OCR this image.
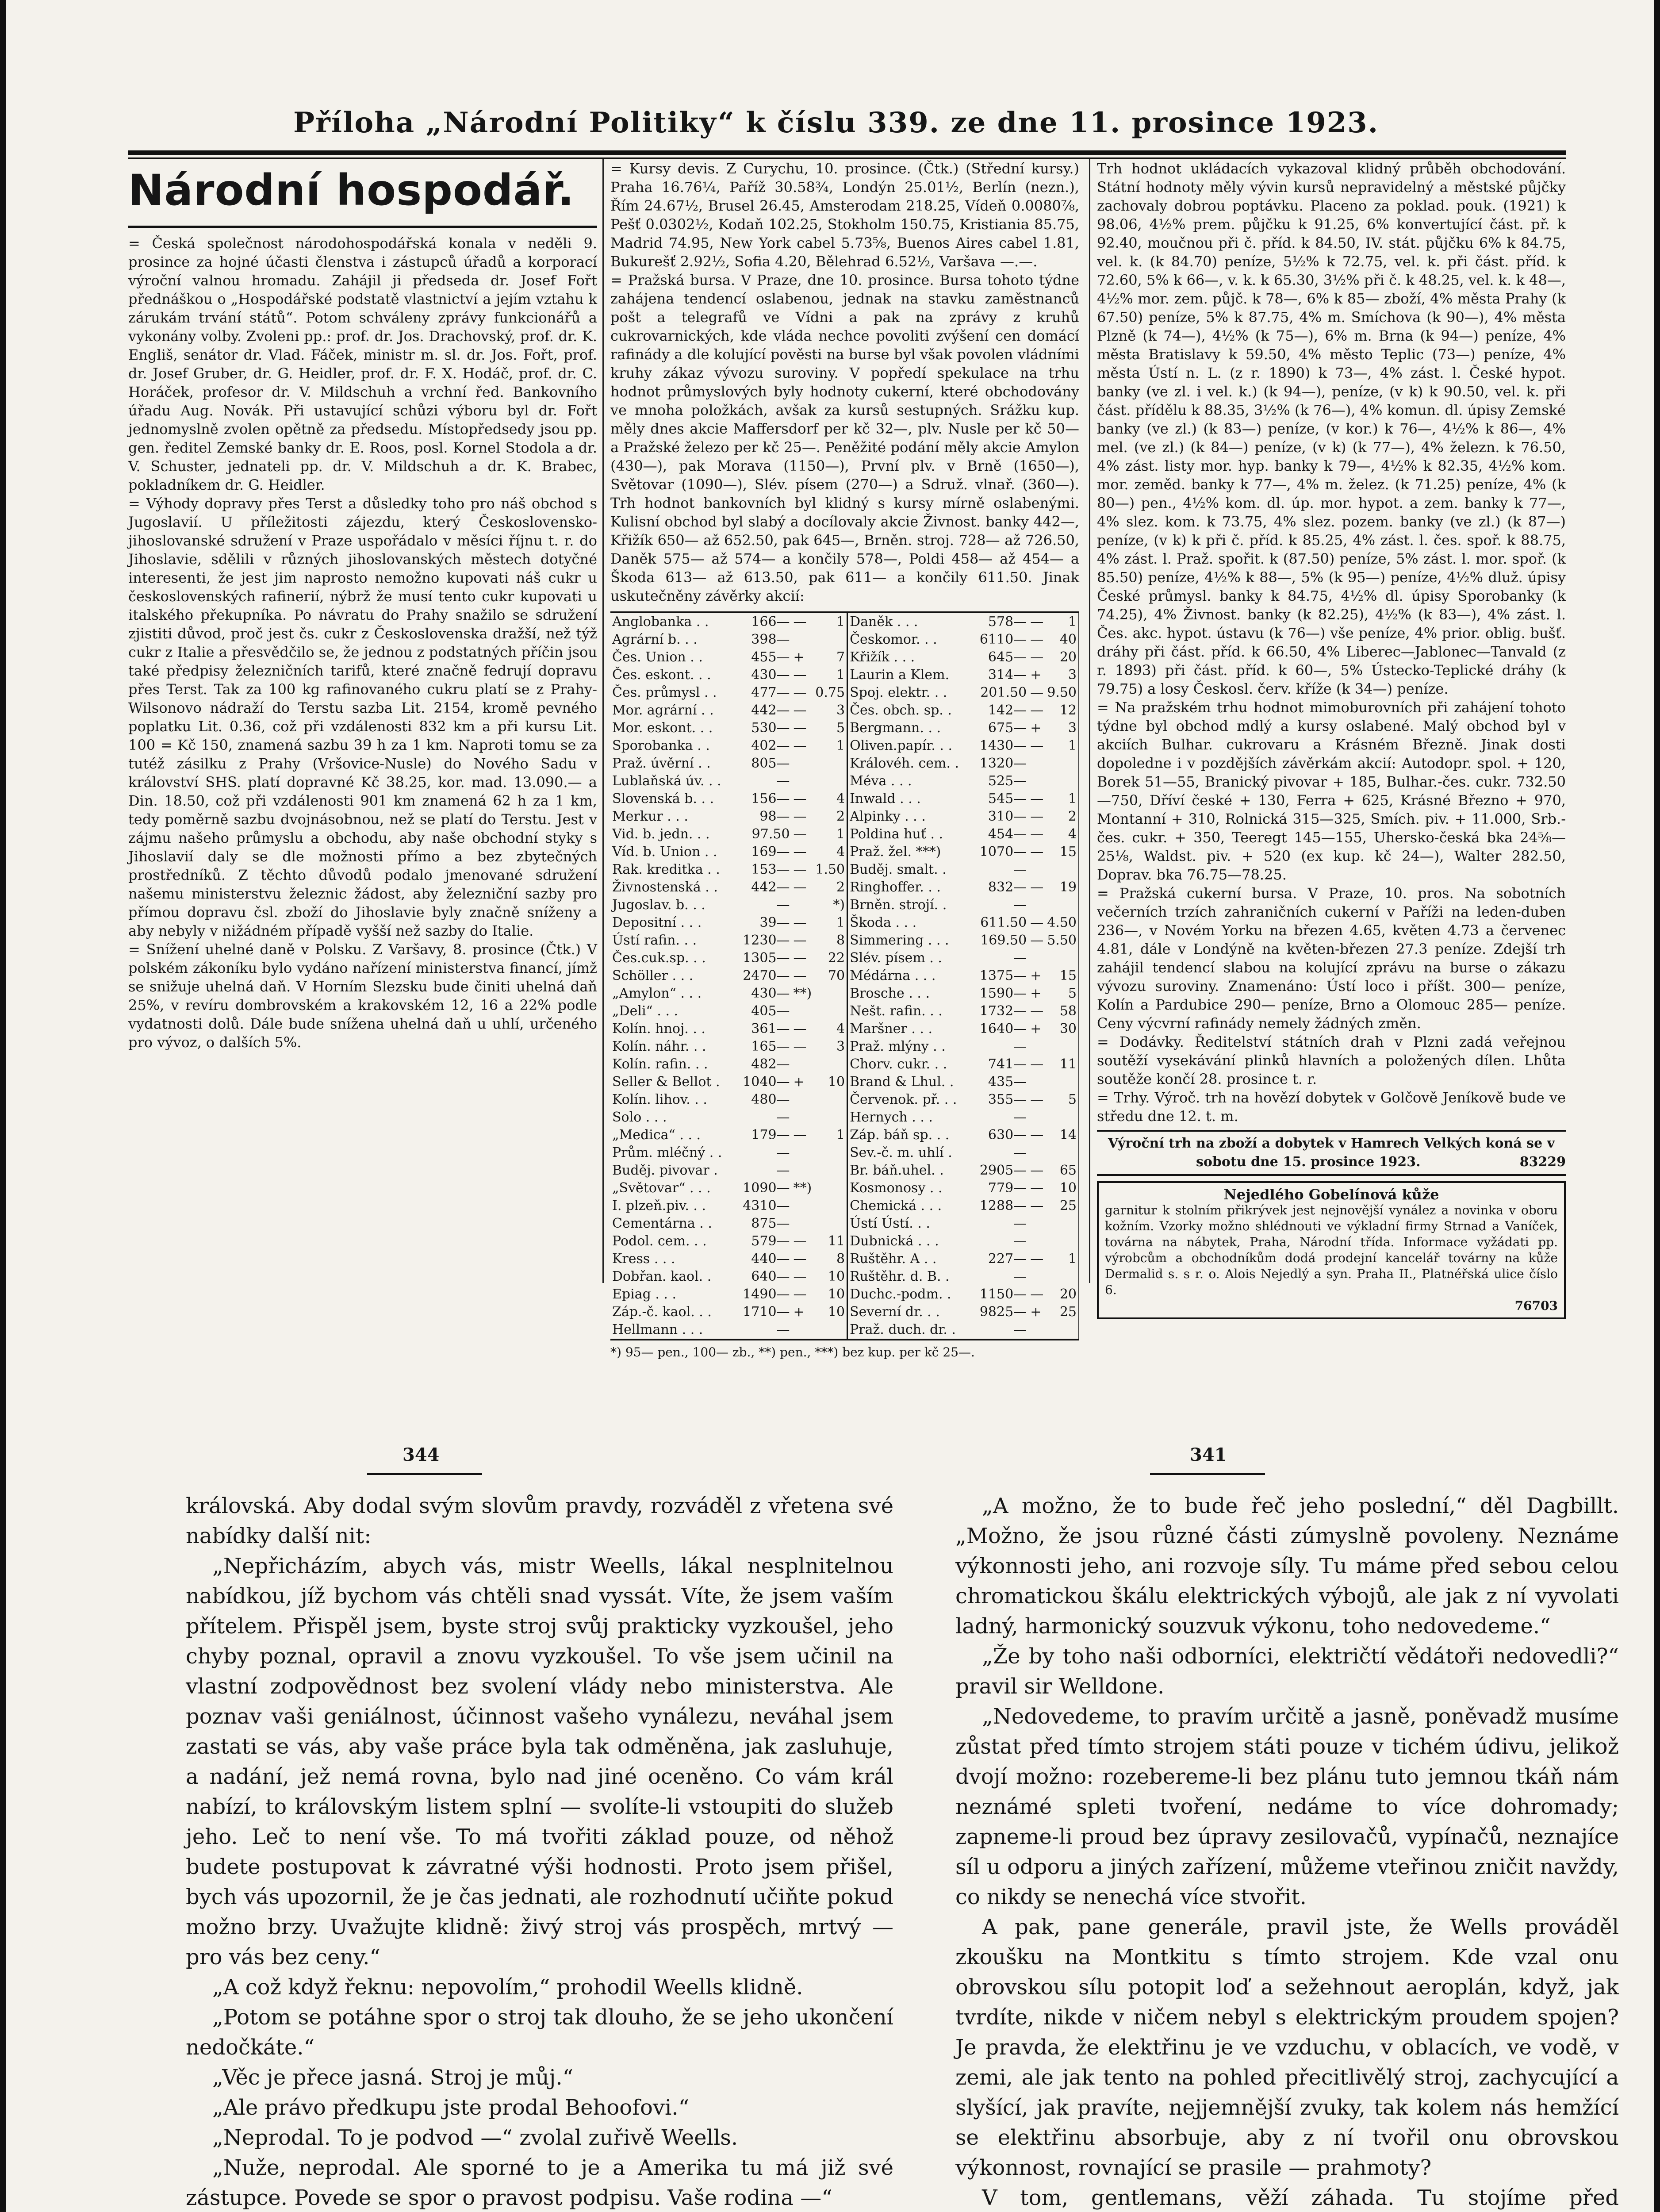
Příloha „Národní Politiky“ k číslu 339. ze dne 11. prosince 1923.
Národní hospodář.

= Česká společnost národohospodářská konala v neděli 9. prosince za hojné účasti členstva i zástupců úřadů a korporací výroční valnou hromadu. Zahájil ji předseda dr. Josef Fořt přednáškou o „Hospodářské podstatě vlastnictví a jejím vztahu k zárukám trvání států“. Potom schváleny zprávy funkcionářů a vykonány volby. Zvoleni pp.: prof. dr. Jos. Drachovský, prof. dr. K. Engliš, senátor dr. Vlad. Fáček, ministr m. sl. dr. Jos. Fořt, prof. dr. Josef Gruber, dr. G. Heidler, prof. dr. F. X. Hodáč, prof. dr. C. Horáček, profesor dr. V. Mildschuh a vrchní řed. Bankovního úřadu Aug. Novák. Při ustavující schůzi výboru byl dr. Fořt jednomyslně zvolen opětně za předsedu. Místopředsedy jsou pp. gen. ředitel Zemské banky dr. E. Roos, posl. Kornel Stodola a dr. V. Schuster, jednateli pp. dr. V. Mildschuh a dr. K. Brabec, pokladníkem dr. G. Heidler.

= Výhody dopravy přes Terst a důsledky toho pro náš obchod s Jugoslavií. U příležitosti zájezdu, který Československo-jihoslovanské sdružení v Praze uspořádalo v měsíci říjnu t. r. do Jihoslavie, sdělili v různých jihoslovanských městech dotyčné interesenti, že jest jim naprosto nemožno kupovati náš cukr u československých rafinerií, nýbrž že musí tento cukr kupovati u italského překupníka. Po návratu do Prahy snažilo se sdružení zjistiti důvod, proč jest čs. cukr z Československa dražší, než týž cukr z Italie a přesvědčilo se, že jednou z podstatných příčin jsou také předpisy železničních tarifů, které značně fedrují dopravu přes Terst. Tak za 100 kg rafinovaného cukru platí se z Prahy-Wilsonovo nádraží do Terstu sazba Lit. 2154, kromě pevného poplatku Lit. 0.36, což při vzdálenosti 832 km a při kursu Lit. 100 = Kč 150, znamená sazbu 39 h za 1 km. Naproti tomu se za tutéž zásilku z Prahy (Vršovice-Nusle) do Nového Sadu v království SHS. platí dopravné Kč 38.25, kor. mad. 13.090.— a Din. 18.50, což při vzdálenosti 901 km znamená 62 h za 1 km, tedy poměrně sazbu dvojnásobnou, než se platí do Terstu. Jest v zájmu našeho průmyslu a obchodu, aby naše obchodní styky s Jihoslavií daly se dle možnosti přímo a bez zbytečných prostředníků. Z těchto důvodů podalo jmenované sdružení našemu ministerstvu železnic žádost, aby železniční sazby pro přímou dopravu čsl. zboží do Jihoslavie byly značně sníženy a aby nebyly v nižádném případě vyšší než sazby do Italie.

= Snížení uhelné daně v Polsku. Z Varšavy, 8. prosince (Čtk.) V polském zákoníku bylo vydáno nařízení ministerstva financí, jímž se snižuje uhelná daň. V Horním Slezsku bude činiti uhelná daň 25%, v revíru dombrovském a krakovském 12, 16 a 22% podle vydatnosti dolů. Dále bude snížena uhelná daň u uhlí, určeného pro vývoz, o dalších 5%.

= Kursy devis. Z Curychu, 10. prosince. (Čtk.) (Střední kursy.) Praha 16.76¼, Paříž 30.58¾, Londýn 25.01½, Berlín (nezn.), Řím 24.67½, Brusel 26.45, Amsterodam 218.25, Vídeň 0.0080⅞, Pešť 0.0302½, Kodaň 102.25, Stokholm 150.75, Kristiania 85.75, Madrid 74.95, New York cabel 5.73⅝, Buenos Aires cabel 1.81, Bukurešť 2.92½, Sofia 4.20, Bělehrad 6.52½, Varšava —.—.

= Pražská bursa. V Praze, dne 10. prosince. Bursa tohoto týdne zahájena tendencí oslabenou, jednak na stavku zaměstnanců pošt a telegrafů ve Vídni a pak na zprávy z kruhů cukrovarnických, kde vláda nechce povoliti zvýšení cen domácí rafinády a dle kolující pověsti na burse byl však povolen vládními kruhy zákaz vývozu suroviny. V popředí spekulace na trhu hodnot průmyslových byly hodnoty cukerní, které obchodovány ve mnoha položkách, avšak za kursů sestupných. Srážku kup. měly dnes akcie Maffersdorf per kč 32—, plv. Nusle per kč 50— a Pražské železo per kč 25—. Peněžité podání měly akcie Amylon (430—), pak Morava (1150—), První plv. v Brně (1650—), Světovar (1090—), Slév. písem (270—) a Sdruž. vlnař. (360—). Trh hodnot bankovních byl klidný s kursy mírně oslabenými. Kulisní obchod byl slabý a docílovaly akcie Živnost. banky 442—, Křižík 650— až 652.50, pak 645—, Brněn. stroj. 728— až 726.50, Daněk 575— až 574— a končily 578—, Poldi 458— až 454— a Škoda 613— až 613.50, pak 611— a končily 611.50. Jinak uskutečněny závěrky akcií:

Anglobanka . .	166—	—	1	Daněk . . .	578—	—	1
Agrární b. . .	398—			Českomor. . .	6110—	—	40
Čes. Union . .	455—	+	7	Křižík . . .	645—	—	20
Čes. eskont. . .	430—	—	1	Laurin a Klem.	314—	+	3
Čes. průmysl . .	477—	—	0.75	Spoj. elektr. . .	201.50	—	9.50
Mor. agrární . .	442—	—	3	Čes. obch. sp. .	142—	—	12
Mor. eskont. . .	530—	—	5	Bergmann. . .	675—	+	3
Sporobanka . .	402—	—	1	Oliven.papír. . .	1430—	—	1
Praž. úvěrní . .	805—			Královéh. cem. .	1320—		
Lublaňská úv. . .	—			Méva . . .	525—		
Slovenská b. . .	156—	—	4	Inwald . . .	545—	—	1
Merkur . . .	98—	—	2	Alpinky . . .	310—	—	2
Vid. b. jedn. . .	97.50	—	1	Poldina huť . .	454—	—	4
Víd. b. Union . .	169—	—	4	Praž. žel. ***)	1070—	—	15
Rak. kreditka . .	153—	—	1.50	Buděj. smalt. .	—		
Živnostenská . .	442—	—	2	Ringhoffer. . .	832—	—	19
Jugoslav. b. . .	—		*)	Brněn. strojí. .	—		
Depositní . . .	39—	—	1	Škoda . . .	611.50	—	4.50
Ústí rafin. . .	1230—	—	8	Simmering . . .	169.50	—	5.50
Čes.cuk.sp. . .	1305—	—	22	Slév. písem . .	—		
Schöller . . .	2470—	—	70	Médárna . . .	1375—	+	15
„Amylon“ . . .	430—	**)		Brosche . . .	1590—	+	5
„Deli“ . . .	405—			Nešt. rafin. . .	1732—	—	58
Kolín. hnoj. . .	361—	—	4	Maršner . . .	1640—	+	30
Kolín. náhr. . .	165—	—	3	Praž. mlýny . .	—		
Kolín. rafin. . .	482—			Chorv. cukr. . .	741—	—	11
Seller & Bellot .	1040—	+	10	Brand & Lhul. .	435—		
Kolín. lihov. . .	480—			Červenok. př. . .	355—	—	5
Solo . . .	—			Hernych . . .	—		
„Medica“ . . .	179—	—	1	Záp. báň sp. . .	630—	—	14
Prům. mléčný . .	—			Sev.-č. m. uhlí .	—		
Buděj. pivovar .	—			Br. báň.uhel. .	2905—	—	65
„Světovar“ . . .	1090—	**)		Kosmonosy . .	779—	—	10
I. plzeň.piv. . .	4310—			Chemická . . .	1288—	—	25
Cementárna . .	875—			Ústí Ústí. . .	—		
Podol. cem. . .	579—	—	11	Dubnická . . .	—		
Kress . . .	440—	—	8	Ruštěhr. A . .	227—	—	1
Dobřan. kaol. .	640—	—	10	Ruštěhr. d. B. .	—		
Epiag . . .	1490—	—	10	Duchc.-podm. .	1150—	—	20
Záp.-č. kaol. . .	1710—	+	10	Severní dr. . .	9825—	+	25
Hellmann . . .	—			Praž. duch. dr. .	—		
*) 95— pen., 100— zb., **) pen., ***) bez kup. per kč 25—.

Trh hodnot ukládacích vykazoval klidný průběh obchodování. Státní hodnoty měly vývin kursů nepravidelný a městské půjčky zachovaly dobrou poptávku. Placeno za poklad. pouk. (1921) k 98.06, 4½% prem. půjčku k 91.25, 6% konvertující část. př. k 92.40, moučnou při č. příd. k 84.50, IV. stát. půjčku 6% k 84.75, vel. k. (k 84.70) peníze, 5½% k 72.75, vel. k. při část. příd. k 72.60, 5% k 66—, v. k. k 65.30, 3½% při č. k 48.25, vel. k. k 48—, 4½% mor. zem. půjč. k 78—, 6% k 85— zboží, 4% města Prahy (k 67.50) peníze, 5% k 87.75, 4% m. Smíchova (k 90—), 4% města Plzně (k 74—), 4½% (k 75—), 6% m. Brna (k 94—) peníze, 4% města Bratislavy k 59.50, 4% město Teplic (73—) peníze, 4% města Ústí n. L. (z r. 1890) k 73—, 4% zást. l. České hypot. banky (ve zl. i vel. k.) (k 94—), peníze, (v k) k 90.50, vel. k. při část. přídělu k 88.35, 3½% (k 76—), 4% komun. dl. úpisy Zemské banky (ve zl.) (k 83—) peníze, (v kor.) k 76—, 4½% k 86—, 4% mel. (ve zl.) (k 84—) peníze, (v k) (k 77—), 4% železn. k 76.50, 4% zást. listy mor. hyp. banky k 79—, 4½% k 82.35, 4½% kom. mor. zeměd. banky k 77—, 4% m. želez. (k 71.25) peníze, 4% (k 80—) pen., 4½% kom. dl. úp. mor. hypot. a zem. banky k 77—, 4% slez. kom. k 73.75, 4% slez. pozem. banky (ve zl.) (k 87—) peníze, (v k) k při č. příd. k 85.25, 4% zást. l. čes. spoř. k 88.75, 4% zást. l. Praž. spořit. k (87.50) peníze, 5% zást. l. mor. spoř. (k 85.50) peníze, 4½% k 88—, 5% (k 95—) peníze, 4½% dluž. úpisy České průmysl. banky k 84.75, 4½% dl. úpisy Sporobanky (k 74.25), 4% Živnost. banky (k 82.25), 4½% (k 83—), 4% zást. l. Čes. akc. hypot. ústavu (k 76—) vše peníze, 4% prior. oblig. bušť. dráhy při část. příd. k 66.50, 4% Liberec—Jablonec—Tanvald (z r. 1893) při část. příd. k 60—, 5% Ústecko-Teplické dráhy (k 79.75) a losy Českosl. červ. kříže (k 34—) peníze.

= Na pražském trhu hodnot mimoburovních při zahájení tohoto týdne byl obchod mdlý a kursy oslabené. Malý obchod byl v akciích Bulhar. cukrovaru a Krásném Březně. Jinak dosti dopoledne i v pozdějších závěrkám akcií: Autodopr. spol. + 120, Borek 51—55, Branický pivovar + 185, Bulhar.-čes. cukr. 732.50—750, Dříví české + 130, Ferra + 625, Krásné Březno + 970, Montanní + 310, Rolnická 315—325, Smích. piv. + 11.000, Srb.-čes. cukr. + 350, Teeregt 145—155, Uhersko-česká bka 24⅝—25⅛, Waldst. piv. + 520 (ex kup. kč 24—), Walter 282.50, Doprav. bka 76.75—78.25.

= Pražská cukerní bursa. V Praze, 10. pros. Na sobotních večerních trzích zahraničních cukerní v Paříži na leden-duben 236—, v Novém Yorku na březen 4.65, květen 4.73 a červenec 4.81, dále v Londýně na květen-březen 27.3 peníze. Zdejší trh zahájil tendencí slabou na kolující zprávu na burse o zákazu vývozu suroviny. Znamenáno: Ústí loco i příšt. 300— peníze, Kolín a Pardubice 290— peníze, Brno a Olomouc 285— peníze. Ceny výcvrní rafinády nemely žádných změn.

= Dodávky. Ředitelství státních drah v Plzni zadá veřejnou soutěží vysekávání plinků hlavních a položených dílen. Lhůta soutěže končí 28. prosince t. r.

= Trhy. Výroč. trh na hovězí dobytek v Golčově Jeníkově bude ve středu dne 12. t. m.

Výroční trh na zboží a dobytek v Hamrech Velkých koná se v sobotu dne 15. prosince 1923.	83229
Nejedlého Gobelínová kůže
garnitur k stolním přikrývek jest nejnovější vynález a novinka v oboru kožním. Vzorky možno shlédnouti ve výkladní firmy Strnad a Vaníček, továrna na nábytek, Praha, Národní třída. Informace vyžádati pp. výrobcům a obchodníkům dodá prodejní kancelář továrny na kůže Dermalid s. s r. o. Alois Nejedlý a syn. Praha II., Platnéřská ulice číslo 6.
76703
344	341

královská. Aby dodal svým slovům pravdy, rozváděl z vřetena své nabídky další nit:

„Nepřicházím, abych vás, mistr Weells, lákal nesplnitelnou nabídkou, jíž bychom vás chtěli snad vyssát. Víte, že jsem vaším přítelem. Přispěl jsem, byste stroj svůj prakticky vyzkoušel, jeho chyby poznal, opravil a znovu vyzkoušel. To vše jsem učinil na vlastní zodpovědnost bez svolení vlády nebo ministerstva. Ale poznav vaši geniálnost, účinnost vašeho vynálezu, neváhal jsem zastati se vás, aby vaše práce byla tak odměněna, jak zasluhuje, a nadání, jež nemá rovna, bylo nad jiné oceněno. Co vám král nabízí, to královským listem splní — svolíte-li vstoupiti do služeb jeho. Leč to není vše. To má tvořiti základ pouze, od něhož budete postupovat k závratné výši hodnosti. Proto jsem přišel, bych vás upozornil, že je čas jednati, ale rozhodnutí učiňte pokud možno brzy. Uvažujte klidně: živý stroj vás prospěch, mrtvý — pro vás bez ceny.“

„A což když řeknu: nepovolím,“ prohodil Weells klidně.

„Potom se potáhne spor o stroj tak dlouho, že se jeho ukončení nedočkáte.“

„Věc je přece jasná. Stroj je můj.“

„Ale právo předkupu jste prodal Behoofovi.“

„Neprodal. To je podvod —“ zvolal zuřivě Weells.

„Nuže, neprodal. Ale sporné to je a Amerika tu má již své zástupce. Povede se spor o pravost podpisu. Vaše rodina —“

„A možno, že to bude řeč jeho poslední,“ děl Dagbillt. „Možno, že jsou různé části zúmyslně povoleny. Neznáme výkonnosti jeho, ani rozvoje síly. Tu máme před sebou celou chromatickou škálu elektrických výbojů, ale jak z ní vyvolati ladný, harmonický souzvuk výkonu, toho nedovedeme.“

„Že by toho naši odborníci, električtí vědátoři nedovedli?“ pravil sir Welldone.

„Nedovedeme, to pravím určitě a jasně, poněvadž musíme zůstat před tímto strojem státi pouze v tichém údivu, jelikož dvojí možno: rozebereme-li bez plánu tuto jemnou tkáň nám neznámé spleti tvoření, nedáme to více dohromady; zapneme-li proud bez úpravy zesilovačů, vypínačů, neznajíce síl u odporu a jiných zařízení, můžeme vteřinou zničit navždy, co nikdy se nenechá více stvořit.

A pak, pane generále, pravil jste, že Wells prováděl zkoušku na Montkitu s tímto strojem. Kde vzal onu obrovskou sílu potopit loď a sežehnout aeroplán, když, jak tvrdíte, nikde v ničem nebyl s elektrickým proudem spojen? Je pravda, že elektřinu je ve vzduchu, v oblacích, ve vodě, v zemi, ale jak tento na pohled přecitlivělý stroj, zachycující a slyšící, jak pravíte, nejjemnější zvuky, tak kolem nás hemžící se elektřinu absorbuje, aby z ní tvořil onu obrovskou výkonnost, rovnající se prasile — prahmoty?

V tom, gentlemans, věží záhada. Tu stojíme před
